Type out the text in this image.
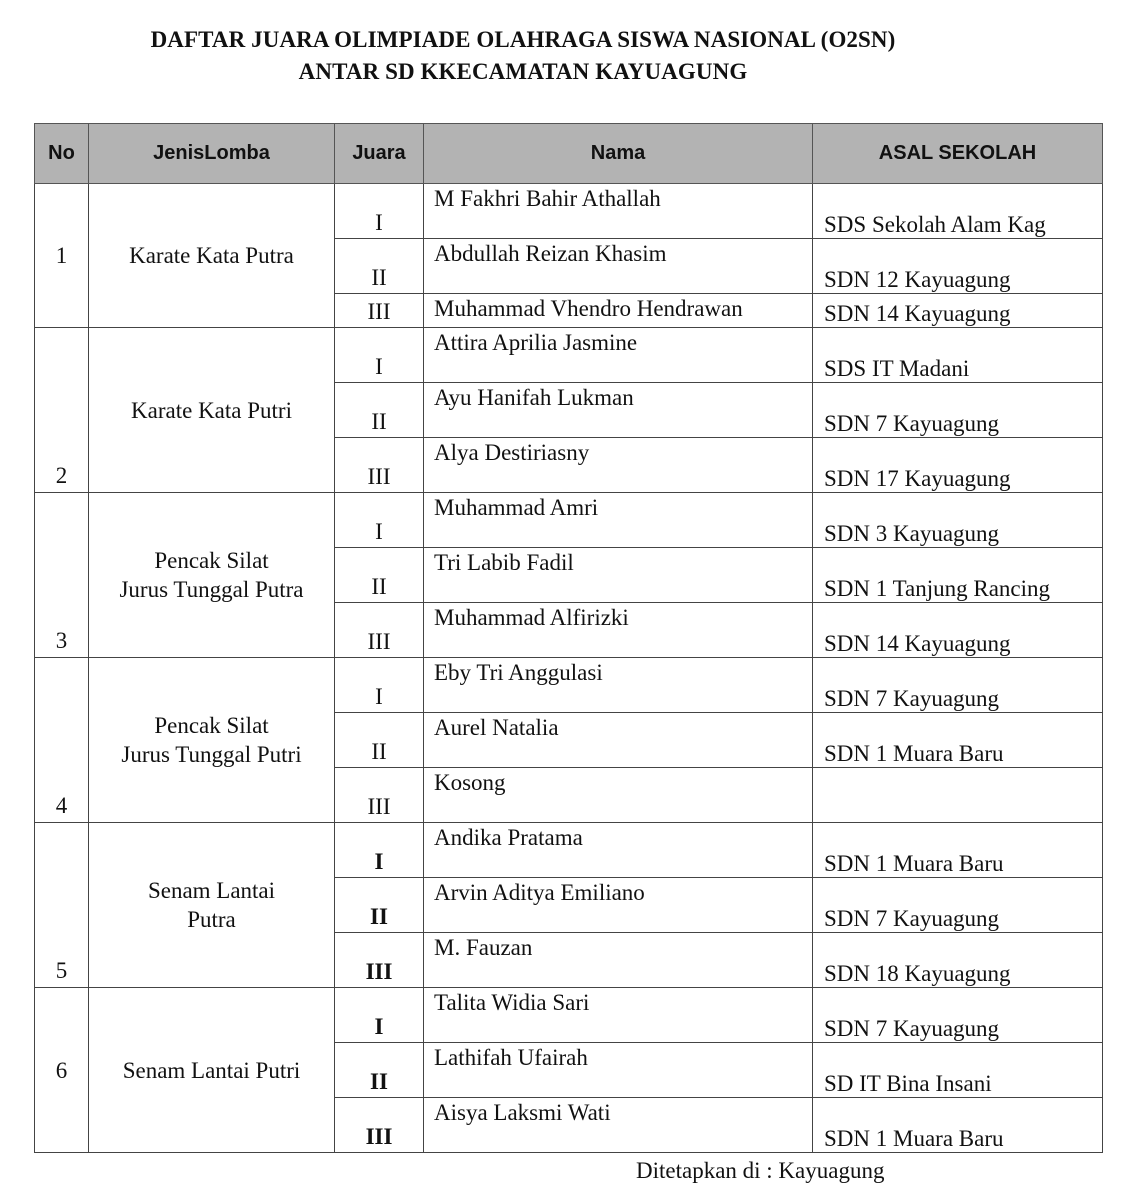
DAFTAR JUARA OLIMPIADE OLAHRAGA SISWA NASIONAL (O2SN)
ANTAR SD KKECAMATAN KAYUAGUNG
No	JenisLomba	Juara	Nama	ASAL SEKOLAH
1	Karate Kata Putra	I	M Fakhri Bahir Athallah	SDS Sekolah Alam Kag
		II	Abdullah Reizan Khasim	SDN 12 Kayuagung
		III	Muhammad Vhendro Hendrawan	SDN 14 Kayuagung
2	Karate Kata Putri	I	Attira Aprilia Jasmine	SDS IT Madani
		II	Ayu Hanifah Lukman	SDN 7 Kayuagung
		III	Alya Destiriasny	SDN 17 Kayuagung
3	Pencak Silat
Jurus Tunggal Putra	I	Muhammad Amri	SDN 3 Kayuagung
		II	Tri Labib Fadil	SDN 1 Tanjung Rancing
		III	Muhammad Alfirizki	SDN 14 Kayuagung
4	Pencak Silat
Jurus Tunggal Putri	I	Eby Tri Anggulasi	SDN 7 Kayuagung
		II	Aurel Natalia	SDN 1 Muara Baru
		III	Kosong	
5	Senam Lantai
Putra	I	Andika Pratama	SDN 1 Muara Baru
		II	Arvin Aditya Emiliano	SDN 7 Kayuagung
		III	M. Fauzan	SDN 18 Kayuagung
6	Senam Lantai Putri	I	Talita Widia Sari	SDN 7 Kayuagung
		II	Lathifah Ufairah	SD IT Bina Insani
		III	Aisya Laksmi Wati	SDN 1 Muara Baru
Ditetapkan di : Kayuagung
